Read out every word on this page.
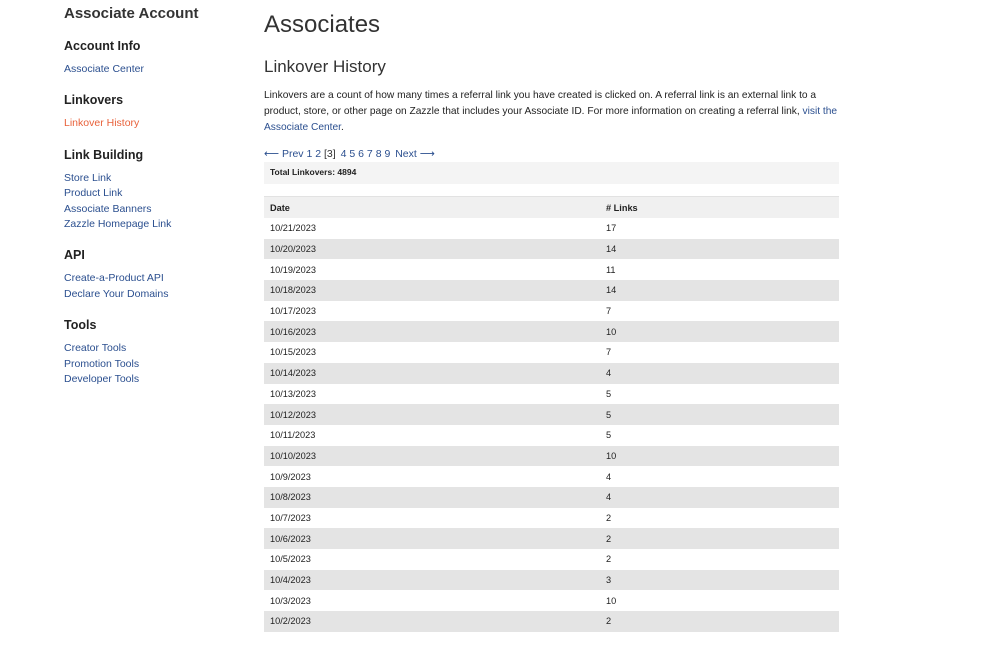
Associate Account
Account Info
Associate Center
Linkovers
Linkover History
Link Building
Store Link
Product Link
Associate Banners
Zazzle Homepage Link
API
Create-a-Product API
Declare Your Domains
Tools
Creator Tools
Promotion Tools
Developer Tools
Associates
Linkover History

Linkovers are a count of how many times a referral link you have created is clicked on. A referral link is an external link to a product, store, or other page on Zazzle that includes your Associate ID. For more information on creating a referral link, visit the Associate Center.

⟵ Prev 1 2 [3] 4 5 6 7 8 9 Next ⟶
Total Linkovers: 4894
Date	# Links
10/21/2023	17
10/20/2023	14
10/19/2023	11
10/18/2023	14
10/17/2023	7
10/16/2023	10
10/15/2023	7
10/14/2023	4
10/13/2023	5
10/12/2023	5
10/11/2023	5
10/10/2023	10
10/9/2023	4
10/8/2023	4
10/7/2023	2
10/6/2023	2
10/5/2023	2
10/4/2023	3
10/3/2023	10
10/2/2023	2
